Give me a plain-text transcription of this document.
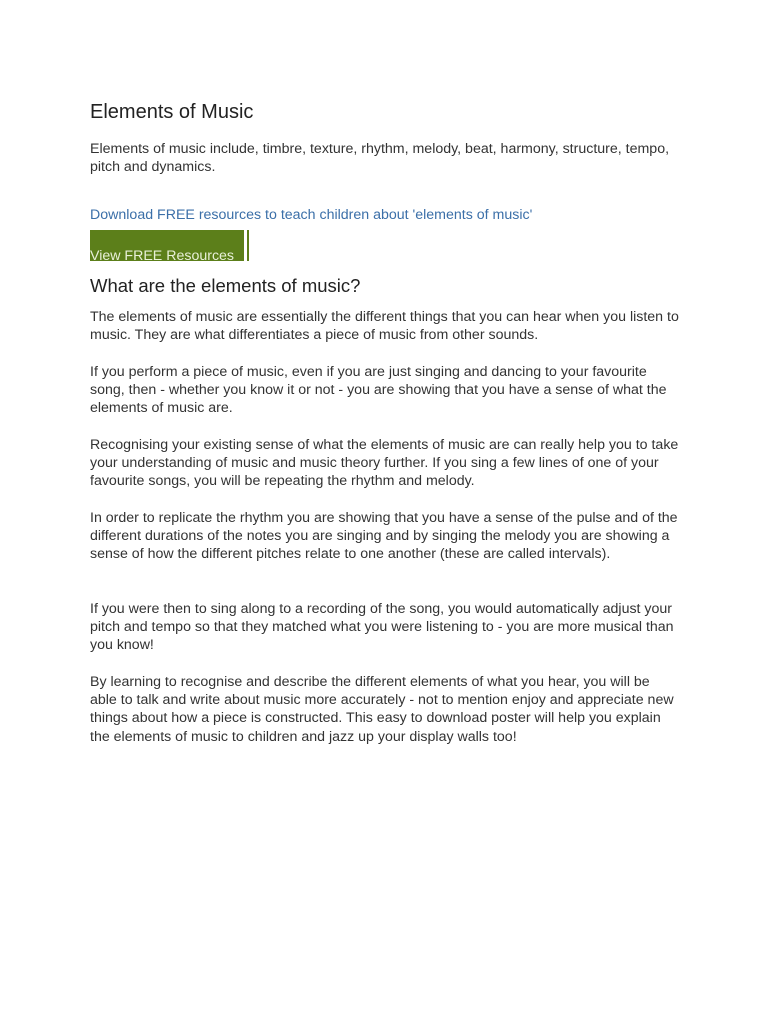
Elements of Music

Elements of music include, timbre, texture, rhythm, melody, beat, harmony, structure, tempo, pitch and dynamics.

Download FREE resources to teach children about 'elements of music'
View FREE Resources
What are the elements of music?

The elements of music are essentially the different things that you can hear when you listen to music. They are what differentiates a piece of music from other sounds.

If you perform a piece of music, even if you are just singing and dancing to your favourite song, then - whether you know it or not - you are showing that you have a sense of what the elements of music are.

Recognising your existing sense of what the elements of music are can really help you to take your understanding of music and music theory further. If you sing a few lines of one of your favourite songs, you will be repeating the rhythm and melody.

In order to replicate the rhythm you are showing that you have a sense of the pulse and of the different durations of the notes you are singing and by singing the melody you are showing a sense of how the different pitches relate to one another (these are called intervals).

If you were then to sing along to a recording of the song, you would automatically adjust your pitch and tempo so that they matched what you were listening to - you are more musical than you know!

By learning to recognise and describe the different elements of what you hear, you will be able to talk and write about music more accurately - not to mention enjoy and appreciate new things about how a piece is constructed. This easy to download poster will help you explain the elements of music to children and jazz up your display walls too!
